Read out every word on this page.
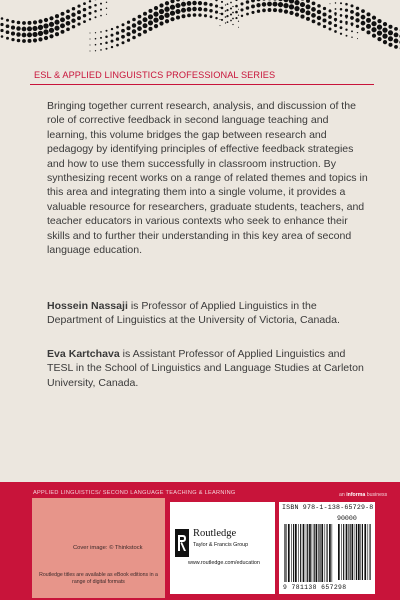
ESL & APPLIED LINGUISTICS PROFESSIONAL SERIES
Bringing together current research, analysis, and discussion of the role of corrective feedback in second language teaching and learning, this volume bridges the gap between research and pedagogy by identifying principles of effective feedback strategies and how to use them successfully in classroom instruction. By synthesizing recent works on a range of related themes and topics in this area and integrating them into a single volume, it provides a valuable resource for researchers, graduate students, teachers, and teacher educators in various contexts who seek to enhance their skills and to further their understanding in this key area of second language education.
Hossein Nassaji is Professor of Applied Linguistics in the Department of Linguistics at the University of Victoria, Canada.
Eva Kartchava is Assistant Professor of Applied Linguistics and TESL in the School of Linguistics and Language Studies at Carleton University, Canada.
APPLIED LINGUISTICS/ SECOND LANGUAGE TEACHING & LEARNING	an informa business
Cover image: © Thinkstock
Routledge titles are available as eBook editions in a range of digital formats
Routledge
Taylor & Francis Group
www.routledge.com/education
ISBN 978-1-138-65729-8
90000
9 781138 657298
